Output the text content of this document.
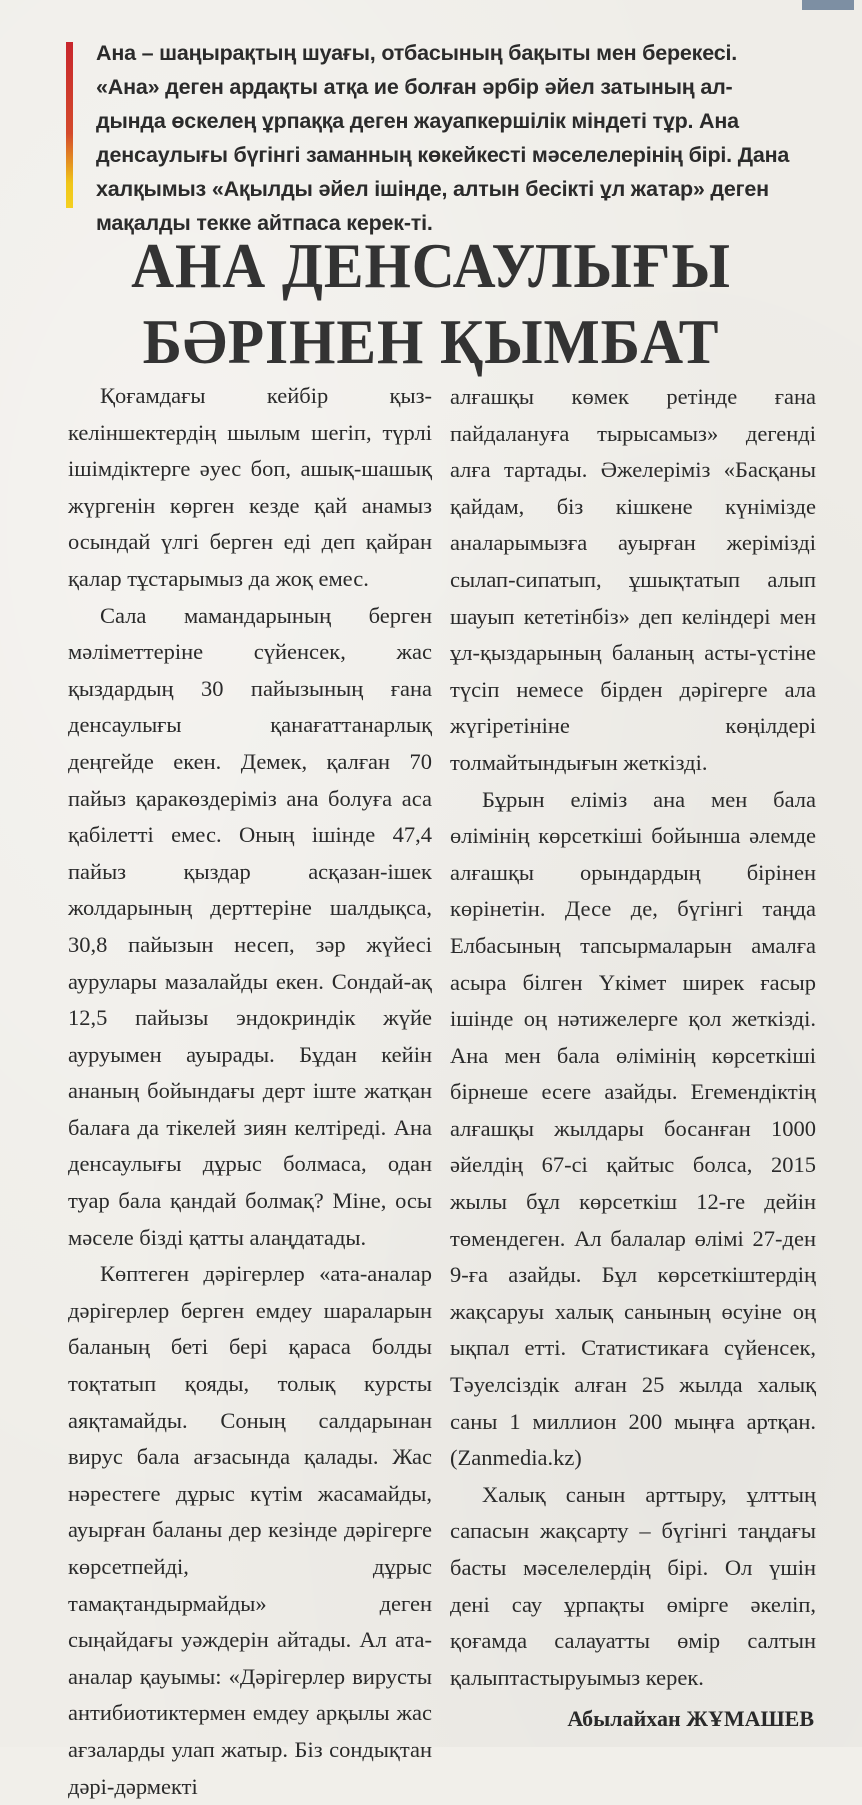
Ана – шаңырақтың шуағы, отбасының бақыты мен берекесі.
«Ана» деген ардақты атқа ие болған әрбір әйел затының ал-
дында өскелең ұрпаққа деген жауапкершілік міндеті тұр. Ана
денсаулығы бүгінгі заманның көкейкесті мәселелерінің бірі. Дана
халқымыз «Ақылды әйел ішінде, алтын бесікті ұл жатар» деген
мақалды текке айтпаса керек-ті.
АНА ДЕНСАУЛЫҒЫ
БӘРІНЕН ҚЫМБАТ

Қоғамдағы кейбір қыз-келіншектердің шылым шегіп, түрлі ішімдіктерге әуес боп, ашық-шашық жүргенін көрген кезде қай анамыз осындай үлгі берген еді деп қайран қалар тұстарымыз да жоқ емес.

Сала мамандарының берген мәліметтеріне сүйенсек, жас қыздардың 30 пайызының ғана денсаулығы қанағаттанарлық деңгейде екен. Демек, қалған 70 пайыз қаракөздеріміз ана болуға аса қабілетті емес. Оның ішінде 47,4 пайыз қыздар асқазан-ішек жолдарының дерттеріне шалдықса, 30,8 пайызын несеп, зәр жүйесі аурулары мазалайды екен. Сондай-ақ 12,5 пайызы эндокриндік жүйе ауруымен ауырады. Бұдан кейін ананың бойындағы дерт іште жатқан балаға да тікелей зиян келтіреді. Ана денсаулығы дұрыс болмаса, одан туар бала қандай болмақ? Міне, осы мәселе бізді қатты алаңдатады.

Көптеген дәрігерлер «ата-аналар дәрігерлер берген емдеу шараларын баланың беті бері қараса болды тоқтатып қояды, толық курсты аяқтамайды. Соның салдарынан вирус бала ағзасында қалады. Жас нәрестеге дұрыс күтім жасамайды, ауырған баланы дер кезінде дәрігерге көрсетпейді, дұрыс тамақтандырмайды» деген сыңайдағы уәждерін айтады. Ал ата-аналар қауымы: «Дәрігерлер вирусты антибиотиктермен емдеу арқылы жас ағзаларды улап жатыр. Біз сондықтан дәрі-дәрмекті

алғашқы көмек ретінде ғана пайдалануға тырысамыз» дегенді алға тартады. Әжелеріміз «Басқаны қайдам, біз кішкене күнімізде аналарымызға ауырған жерімізді сылап-сипатып, ұшықтатып алып шауып кететінбіз» деп келіндері мен ұл-қыздарының баланың асты-үстіне түсіп немесе бірден дәрігерге ала жүгіретініне көңілдері толмайтындығын жеткізді.

Бұрын еліміз ана мен бала өлімінің көрсеткіші бойынша әлемде алғашқы орындардың бірінен көрінетін. Десе де, бүгінгі таңда Елбасының тапсырмаларын амалға асыра білген Үкімет ширек ғасыр ішінде оң нәтижелерге қол жеткізді. Ана мен бала өлімінің көрсеткіші бірнеше есеге азайды. Егемендіктің алғашқы жылдары босанған 1000 әйелдің 67-сі қайтыс болса, 2015 жылы бұл көрсеткіш 12-ге дейін төмендеген. Ал балалар өлімі 27-ден 9-ға азайды. Бұл көрсеткіштердің жақсаруы халық санының өсуіне оң ықпал етті. Статистикаға сүйенсек, Тәуелсіздік алған 25 жылда халық саны 1 миллион 200 мыңға артқан. (Zanmedia.kz)

Халық санын арттыру, ұлттың сапасын жақсарту – бүгінгі таңдағы басты мәселелердің бірі. Ол үшін дені сау ұрпақты өмірге әкеліп, қоғамда салауатты өмір салтын қалыптастыруымыз керек.

Абылайхан ЖҰМАШЕВ
